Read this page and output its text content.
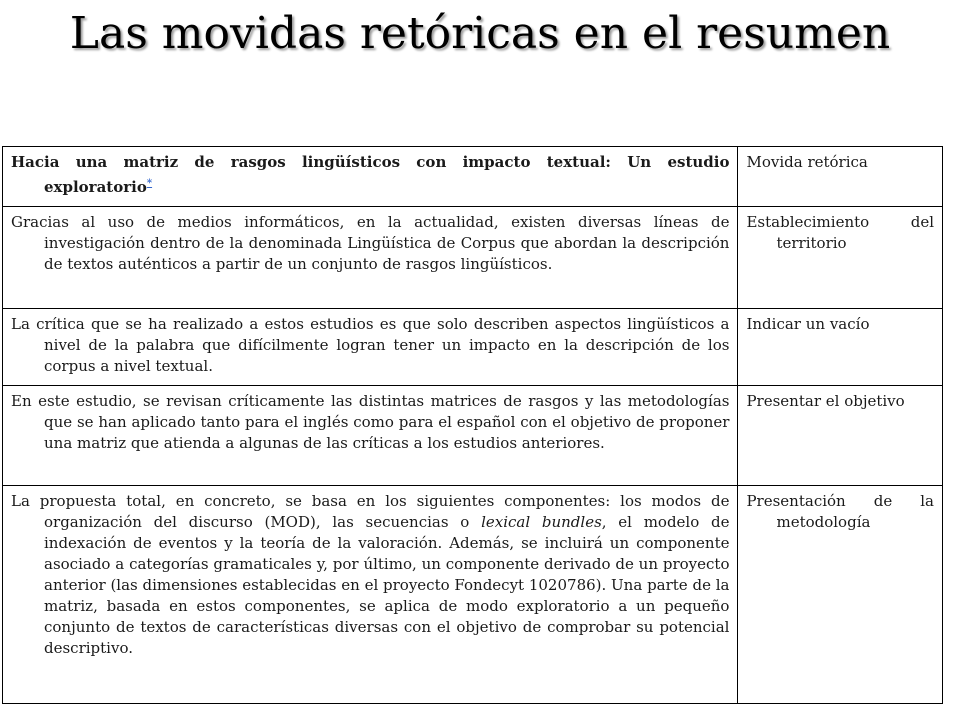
Las movidas retóricas en el resumen

Hacia una matriz de rasgos lingüísticos con impacto textual: Un estudio exploratorio*	Movida retórica

Gracias al uso de medios informáticos, en la actualidad, existen diversas líneas de investigación dentro de la denominada Lingüística de Corpus que abordan la descripción de textos auténticos a partir de un conjunto de rasgos lingüísticos.	Establecimiento del territorio

La crítica que se ha realizado a estos estudios es que solo describen aspectos lingüísticos a nivel de la palabra que difícilmente logran tener un impacto en la descripción de los corpus a nivel textual.	Indicar un vacío

En este estudio, se revisan críticamente las distintas matrices de rasgos y las metodologías que se han aplicado tanto para el inglés como para el español con el objetivo de proponer una matriz que atienda a algunas de las críticas a los estudios anteriores.	Presentar el objetivo

La propuesta total, en concreto, se basa en los siguientes componentes: los modos de organización del discurso (MOD), las secuencias o lexical bundles, el modelo de indexación de eventos y la teoría de la valoración. Además, se incluirá un componente asociado a categorías gramaticales y, por último, un componente derivado de un proyecto anterior (las dimensiones establecidas en el proyecto Fondecyt 1020786). Una parte de la matriz, basada en estos componentes, se aplica de modo exploratorio a un pequeño conjunto de textos de características diversas con el objetivo de comprobar su potencial descriptivo.	Presentación de la metodología
